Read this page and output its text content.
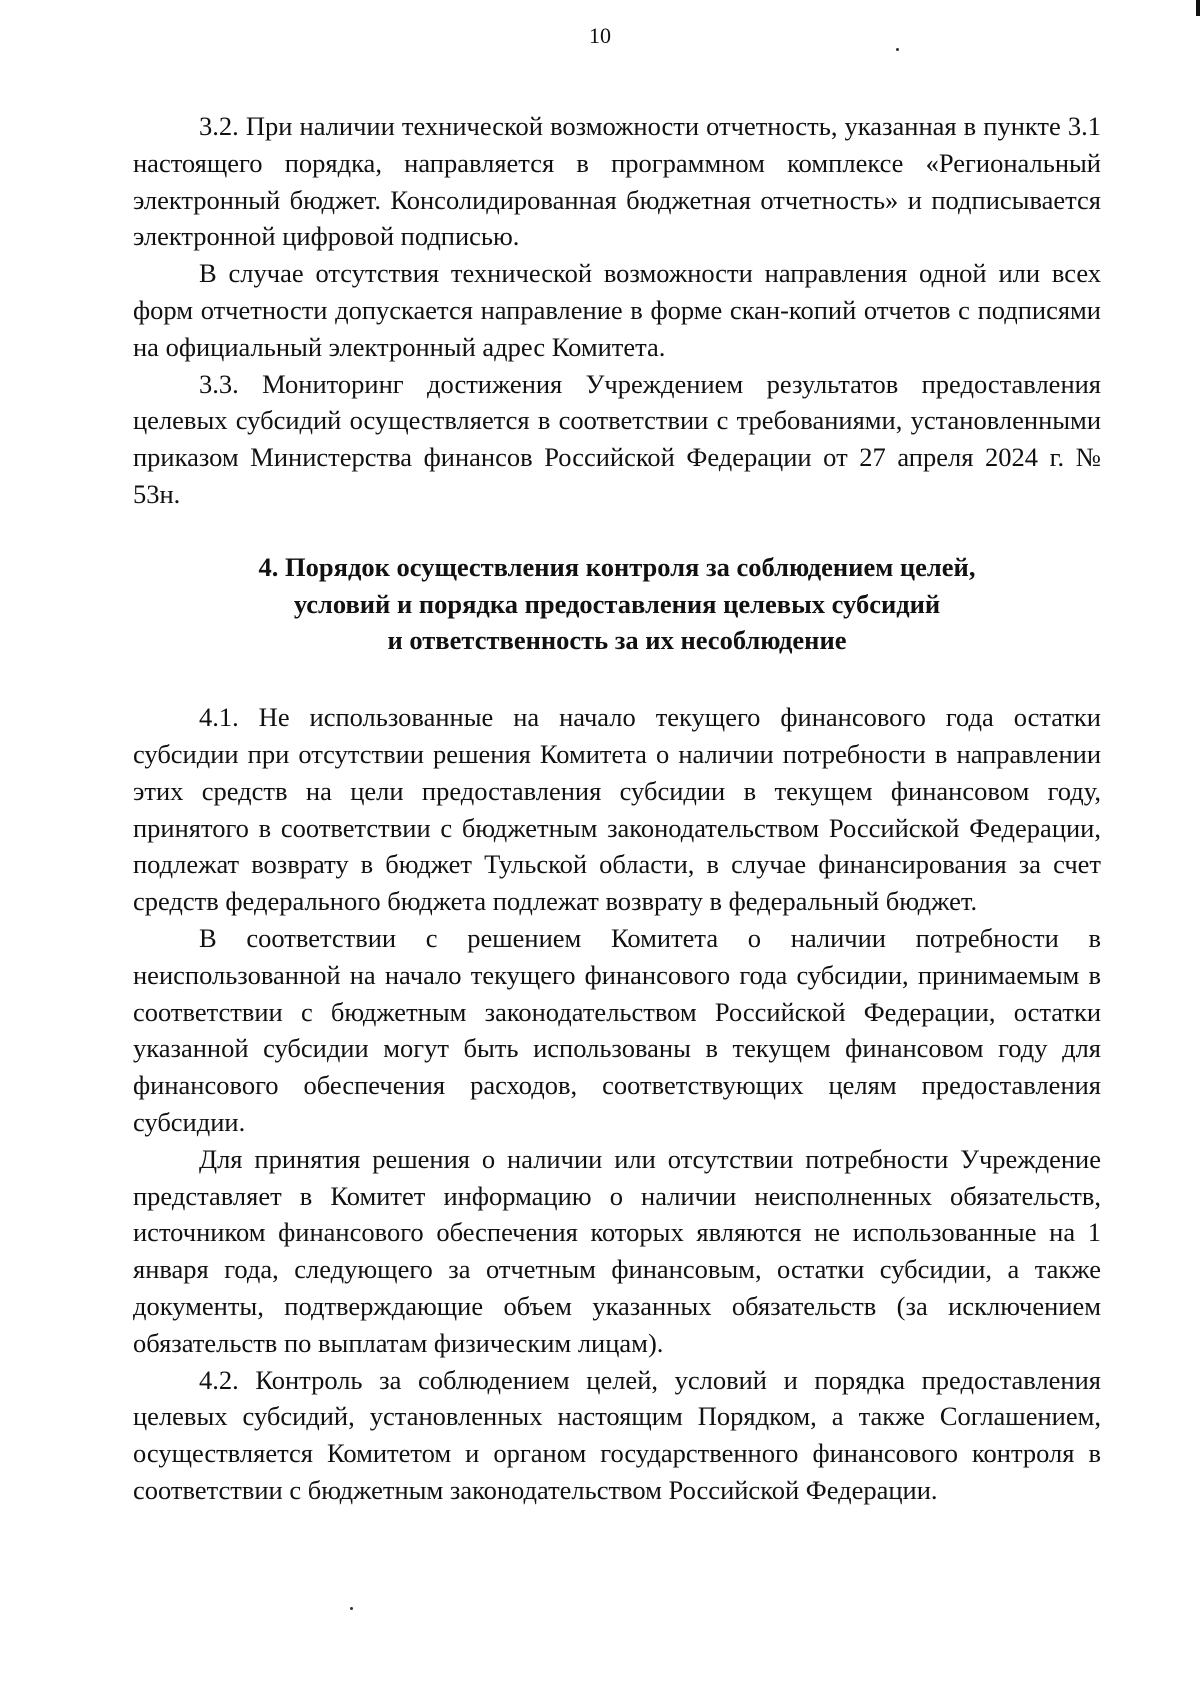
10

3.2. При наличии технической возможности отчетность, указанная в пункте 3.1 настоящего порядка, направляется в программном комплексе «Региональный электронный бюджет. Консолидированная бюджетная отчетность» и подписывается электронной цифровой подписью.

В случае отсутствия технической возможности направления одной или всех форм отчетности допускается направление в форме скан-копий отчетов с подписями на официальный электронный адрес Комитета.

3.3. Мониторинг достижения Учреждением результатов предоставления целевых субсидий осуществляется в соответствии с требованиями, установленными приказом Министерства финансов Российской Федерации от 27 апреля 2024 г. № 53н.

4. Порядок осуществления контроля за соблюдением целей,
условий и порядка предоставления целевых субсидий
и ответственность за их несоблюдение

4.1. Не использованные на начало текущего финансового года остатки субсидии при отсутствии решения Комитета о наличии потребности в направлении этих средств на цели предоставления субсидии в текущем финансовом году, принятого в соответствии с бюджетным законодательством Российской Федерации, подлежат возврату в бюджет Тульской области, в случае финансирования за счет средств федерального бюджета подлежат возврату в федеральный бюджет.

В соответствии с решением Комитета о наличии потребности в неиспользованной на начало текущего финансового года субсидии, принимаемым в соответствии с бюджетным законодательством Российской Федерации, остатки указанной субсидии могут быть использованы в текущем финансовом году для финансового обеспечения расходов, соответствующих целям предоставления субсидии.

Для принятия решения о наличии или отсутствии потребности Учреждение представляет в Комитет информацию о наличии неисполненных обязательств, источником финансового обеспечения которых являются не использованные на 1 января года, следующего за отчетным финансовым, остатки субсидии, а также документы, подтверждающие объем указанных обязательств (за исключением обязательств по выплатам физическим лицам).

4.2. Контроль за соблюдением целей, условий и порядка предоставления целевых субсидий, установленных настоящим Порядком, а также Соглашением, осуществляется Комитетом и органом государственного финансового контроля в соответствии с бюджетным законодательством Российской Федерации.
